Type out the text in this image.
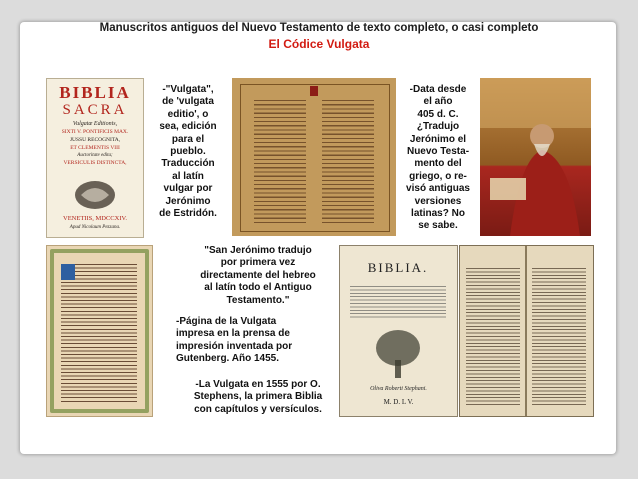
Manuscritos antiguos del Nuevo Testamento de texto completo, o casi completo
El Códice Vulgata
BIBLIA
SACRA
Vulgatæ Editionis,
SIXTI V. PONTIFICIS MAX.
JUSSU RECOGNITA,
ET CLEMENTIS VIII
Auctoritate edita;
VERSICULIS DISTINCTA,
VENETIIS, MDCCXIV.
Apud Nicolaum Pezzana.
-"Vulgata",
de 'vulgata
editio', o
sea, edición
para el
pueblo.
Traducción
al latín
vulgar por
Jerónimo
de Estridón.
-Data desde
el año
405 d. C.
¿Tradujo
Jerónimo el
Nuevo Testa-
mento del
griego, o re-
visó antiguas
versiones
latinas? No
se sabe.
"San Jerónimo tradujo
por primera vez
directamente del hebreo
al latín todo el Antiguo
Testamento."
-Página de la Vulgata
impresa en la prensa de
impresión inventada por
Gutenberg. Año 1455.
-La Vulgata en 1555 por O.
Stephens, la primera Biblia
con capítulos y versículos.
BIBLIA.
Oliva Roberti Stephani.
M. D. L V.
